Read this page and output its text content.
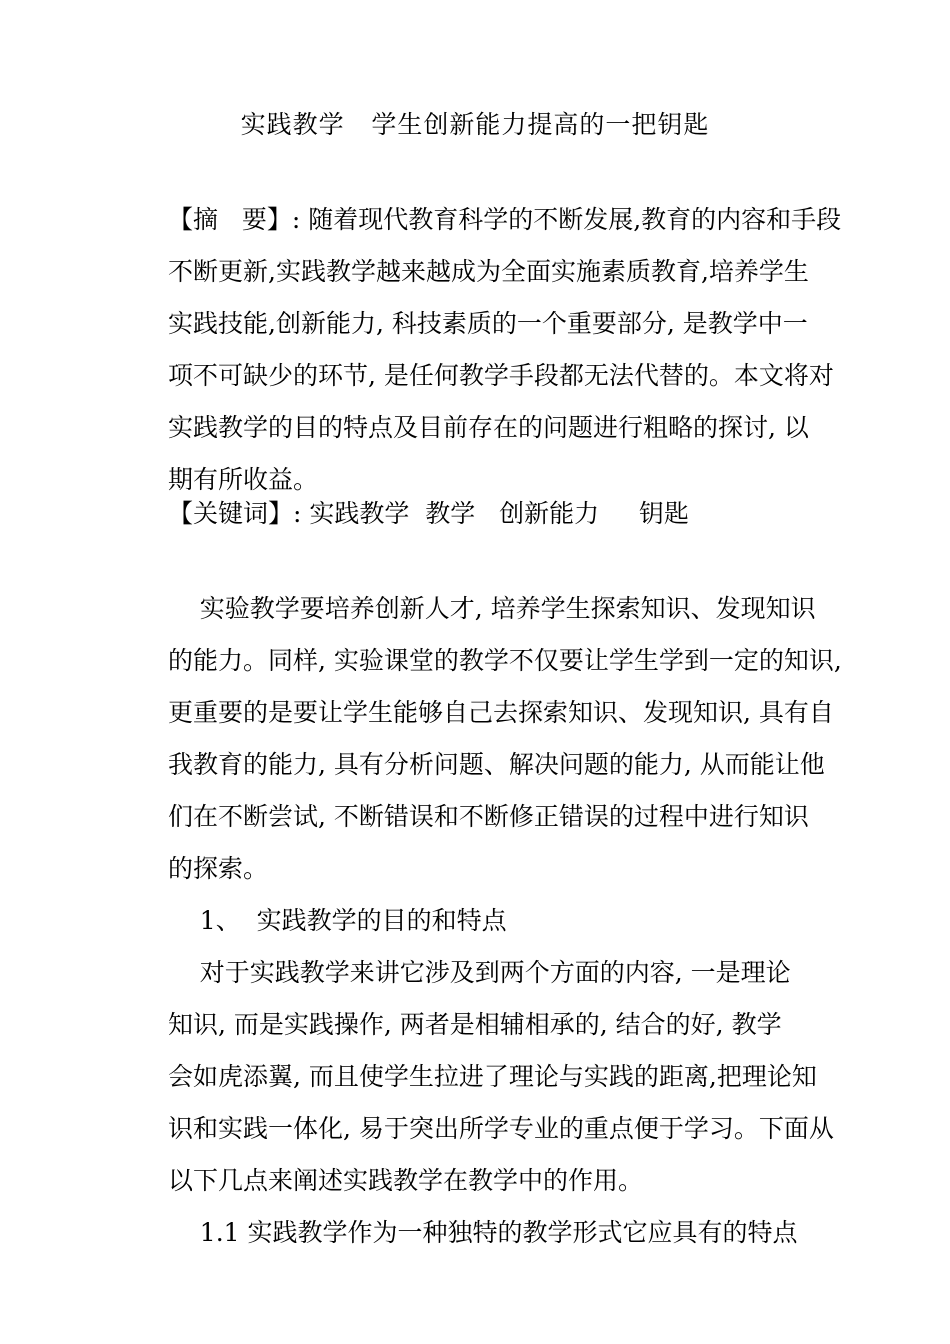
实践教学   学生创新能力提高的一把钥匙
【摘   要】: 随着现代教育科学的不断发展,教育的内容和手段
不断更新,实践教学越来越成为全面实施素质教育,培养学生
实践技能,创新能力, 科技素质的一个重要部分, 是教学中一
项不可缺少的环节, 是任何教学手段都无法代替的。本文将对
实践教学的目的特点及目前存在的问题进行粗略的探讨, 以
期有所收益。
【关键词】: 实践教学  教学   创新能力     钥匙
实验教学要培养创新人才, 培养学生探索知识、发现知识
的能力。同样, 实验课堂的教学不仅要让学生学到一定的知识,
更重要的是要让学生能够自己去探索知识、发现知识, 具有自
我教育的能力, 具有分析问题、解决问题的能力, 从而能让他
们在不断尝试, 不断错误和不断修正错误的过程中进行知识
的探索。
1、  实践教学的目的和特点
对于实践教学来讲它涉及到两个方面的内容, 一是理论
知识, 而是实践操作, 两者是相辅相承的, 结合的好, 教学
会如虎添翼, 而且使学生拉进了理论与实践的距离,把理论知
识和实践一体化, 易于突出所学专业的重点便于学习。下面从
以下几点来阐述实践教学在教学中的作用。
1.1 实践教学作为一种独特的教学形式它应具有的特点
